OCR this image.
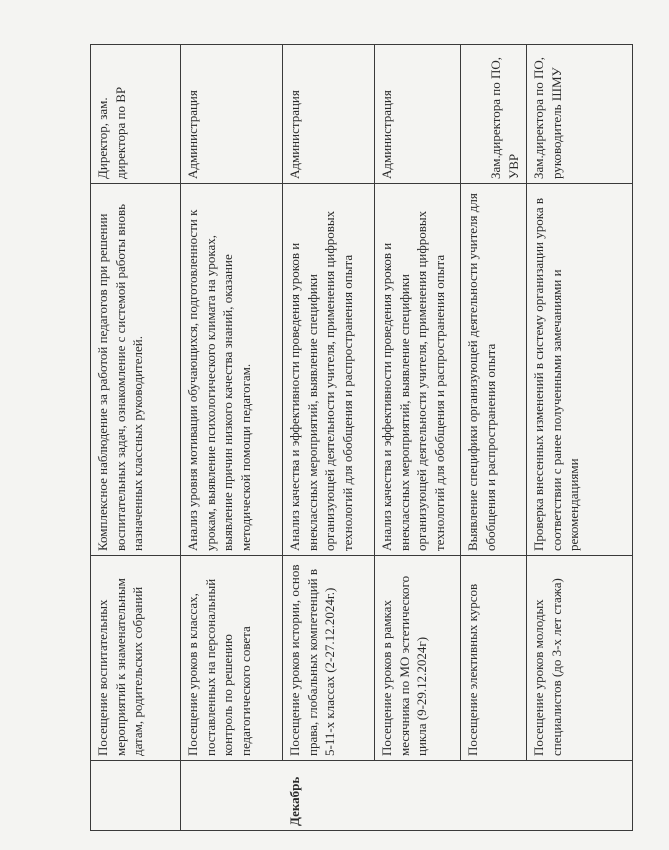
Директор, зам. директора по ВР
Комплексное наблюдение за работой педагогов при решении воспитательных задач, ознакомление с системой работы вновь назначенных классных руководителей.
Посещение воспитательных мероприятий к знаменательным датам, родительских собраний
Администрация
Анализ уровня мотивации обучающихся, подготовленности к урокам, выявление психологического климата на уроках, выявление причин низкого качества знаний, оказание методической помощи педагогам.
Посещение уроков в классах, поставленных на персональный контроль по решению педагогического совета
Администрация
Анализ качества и эффективности проведения уроков и внеклассных мероприятий, выявление специфики организующей деятельности учителя, применения цифровых технологий для обобщения и распространения опыта
Посещение уроков истории, основ права, глобальных компетенций в 5-11-х классах (2-27.12.2024г.)
Декабрь
Администрация
Анализ качества и эффективности проведения уроков и внеклассных мероприятий, выявление специфики организующей деятельности учителя, применения цифровых технологий для обобщения и распространения опыта
Посещение уроков в рамках месячника по МО эстетического цикла (9-29.12.2024г)
Зам.директора по ПО, УВР
Выявление специфики организующей деятельности учителя для обобщения и распространения опыта
Посещение элективных курсов
Зам.директора по ПО, руководитель ШМУ
Проверка внесенных изменений в систему организации урока в соответствии с ранее полученными замечаниями и рекомендациями
Посещение уроков молодых специалистов (до 3-х лет стажа)
